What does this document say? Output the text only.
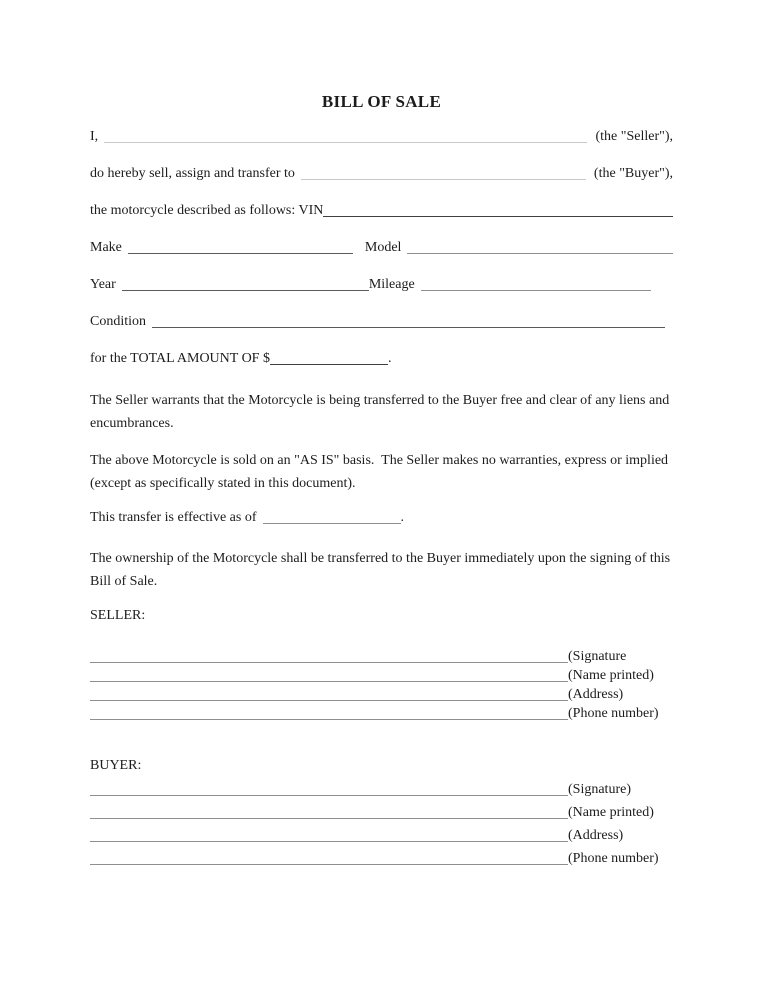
BILL OF SALE
I,	(the "Seller"),
do hereby sell, assign and transfer to	(the "Buyer"),
the motorcycle described as follows: VIN
Make	Model
Year	Mileage
Condition
for the TOTAL AMOUNT OF $	.

The Seller warrants that the Motorcycle is being transferred to the Buyer free and clear of any liens and encumbrances.

The above Motorcycle is sold on an "AS IS" basis.  The Seller makes no warranties, express or implied (except as specifically stated in this document).

This transfer is effective as of	.

The ownership of the Motorcycle shall be transferred to the Buyer immediately upon the signing of this Bill of Sale.

SELLER:
(Signature
(Name printed)
(Address)
(Phone number)
BUYER:
(Signature)
(Name printed)
(Address)
(Phone number)
